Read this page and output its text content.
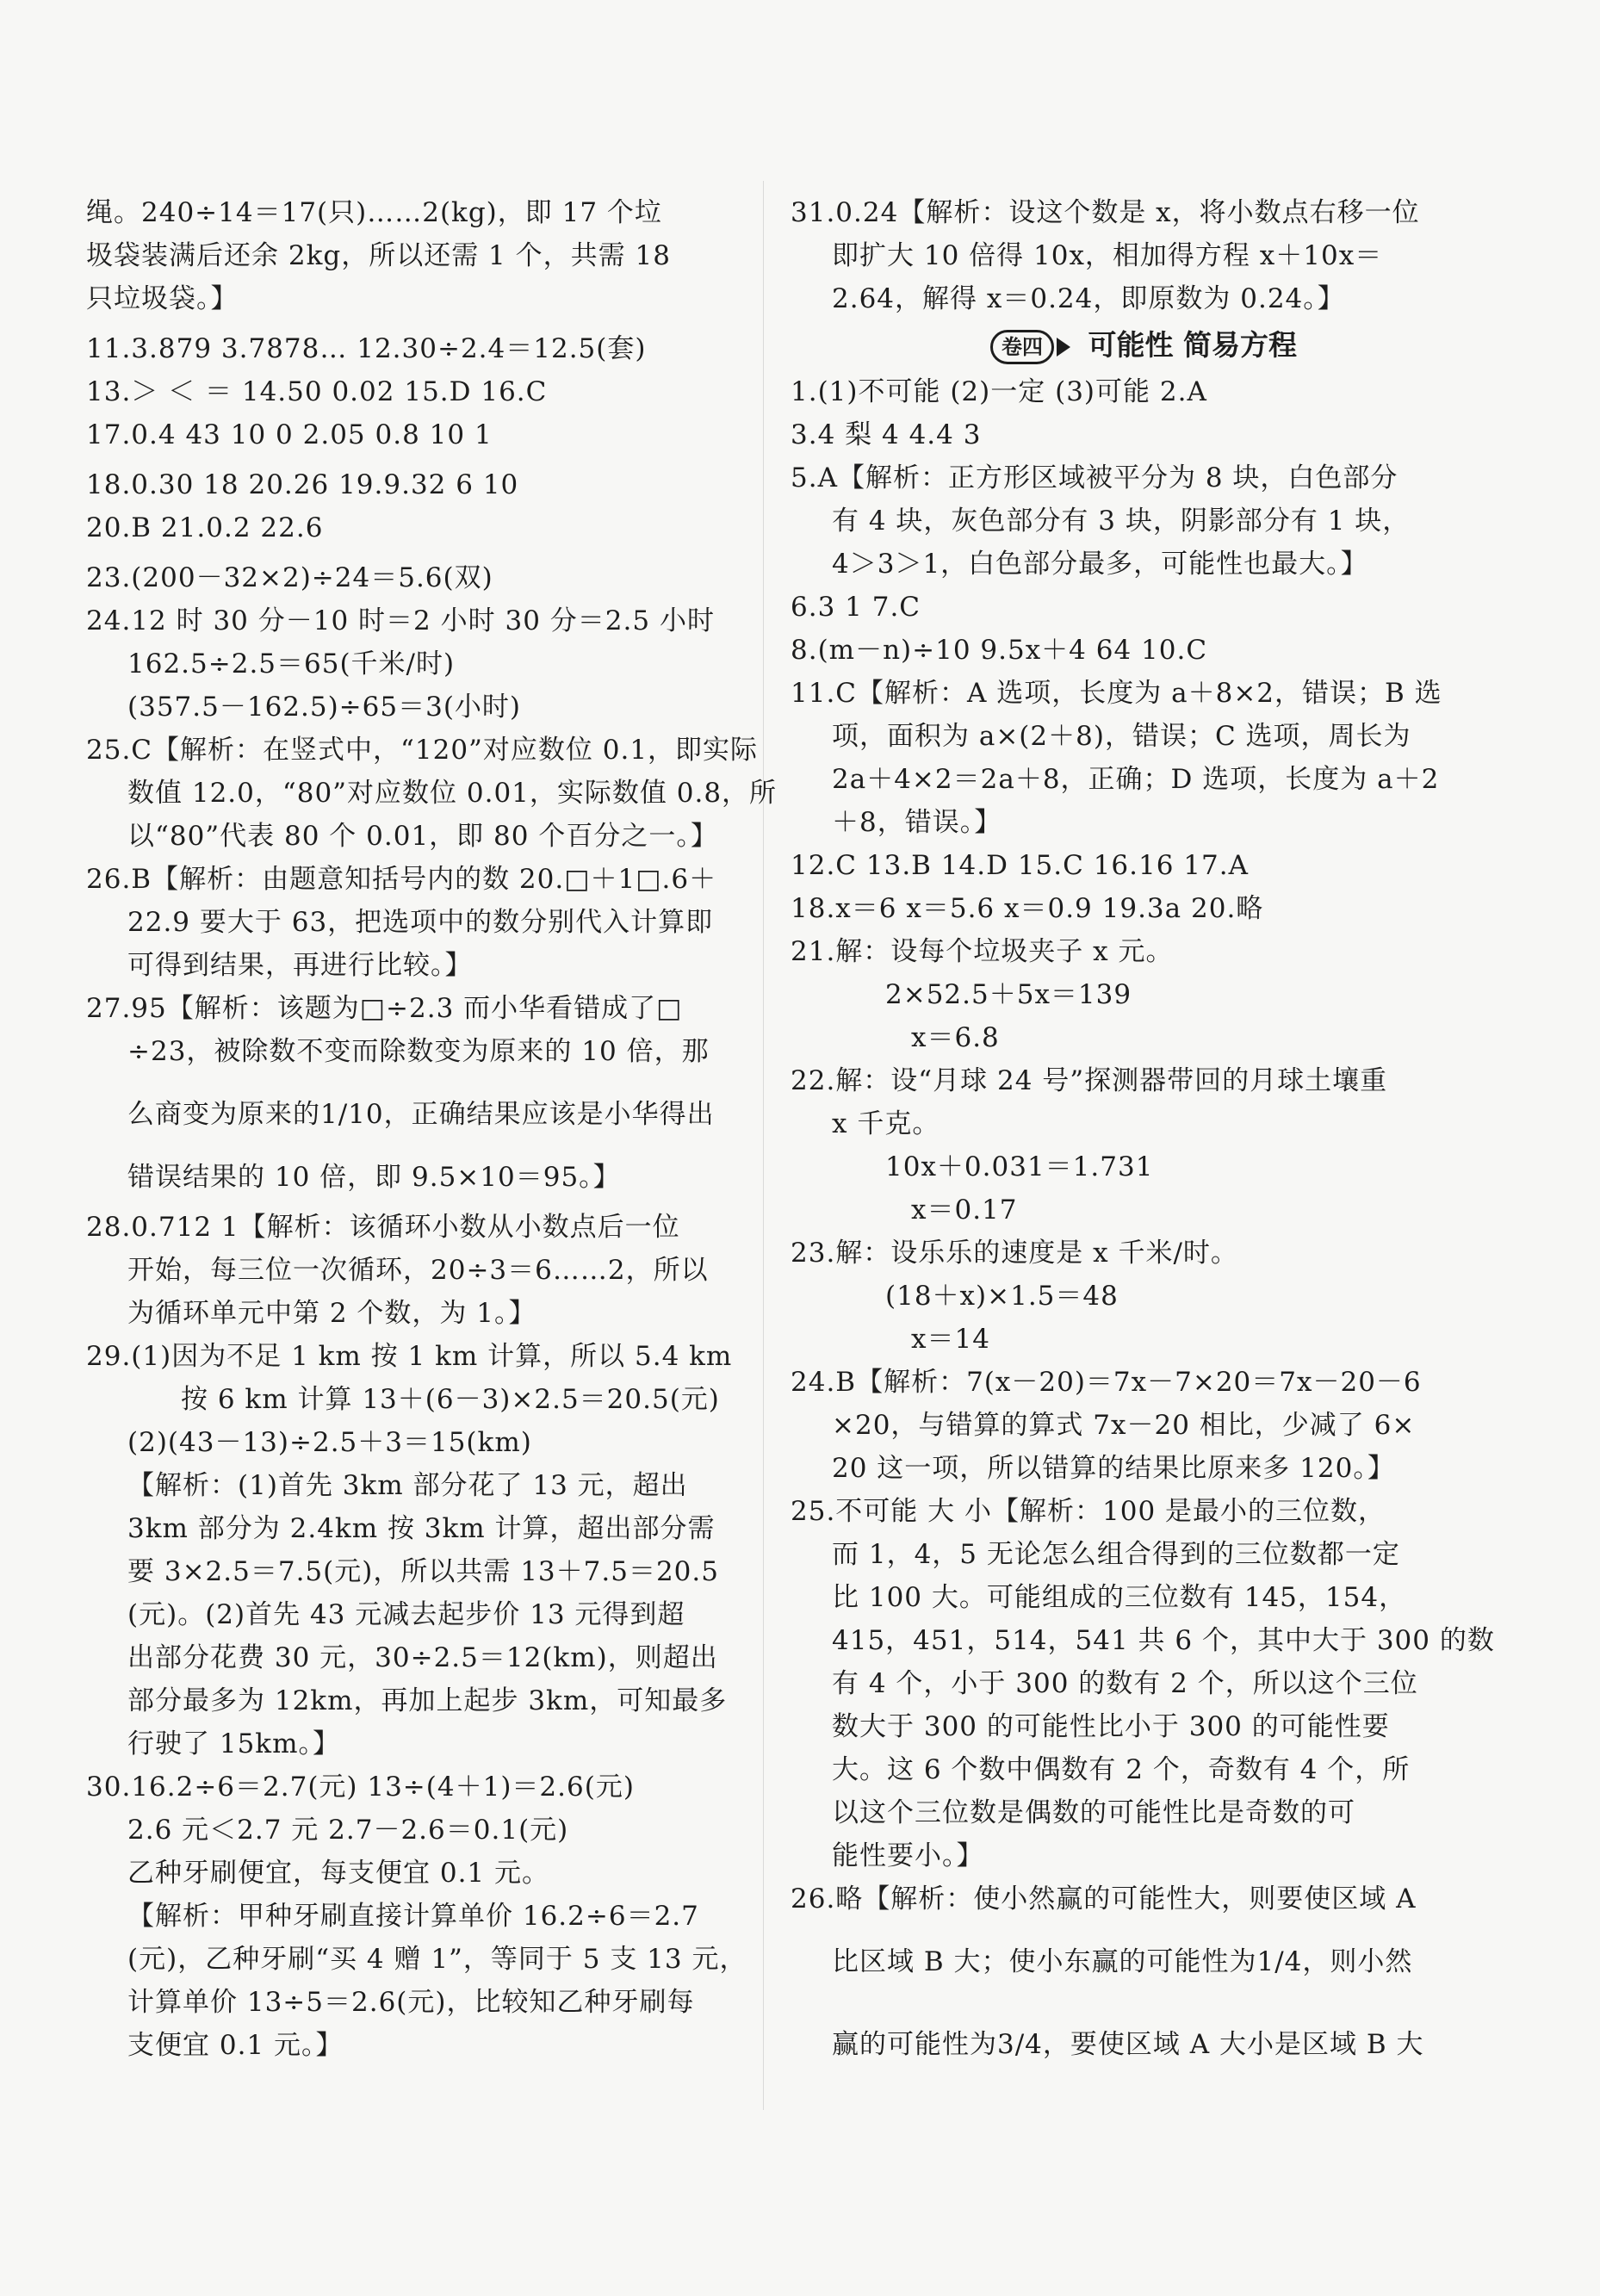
绳。240÷14＝17(只)……2(kg)，即 17 个垃
圾袋装满后还余 2kg，所以还需 1 个，共需 18
只垃圾袋。】
11.3.879 3.7878… 12.30÷2.4＝12.5(套)
13.＞ ＜ ＝ 14.50 0.02 15.D 16.C
17.0.4 43 10 0 2.05 0.8 10 1
18.0.30 18 20.26 19.9.32 6 10
20.B 21.0.2 22.6
23.(200－32×2)÷24＝5.6(双)
24.12 时 30 分－10 时＝2 小时 30 分＝2.5 小时
162.5÷2.5＝65(千米/时)
(357.5－162.5)÷65＝3(小时)
25.C【解析：在竖式中，“120”对应数位 0.1，即实际
数值 12.0，“80”对应数位 0.01，实际数值 0.8，所
以“80”代表 80 个 0.01，即 80 个百分之一。】
26.B【解析：由题意知括号内的数 20.□＋1□.6＋
22.9 要大于 63，把选项中的数分别代入计算即
可得到结果，再进行比较。】
27.95【解析：该题为□÷2.3 而小华看错成了□
÷23，被除数不变而除数变为原来的 10 倍，那
么商变为原来的1/10，正确结果应该是小华得出
错误结果的 10 倍，即 9.5×10＝95。】
28.0.712 1【解析：该循环小数从小数点后一位
开始，每三位一次循环，20÷3＝6……2，所以
为循环单元中第 2 个数，为 1。】
29.(1)因为不足 1 km 按 1 km 计算，所以 5.4 km
按 6 km 计算 13＋(6－3)×2.5＝20.5(元)
(2)(43－13)÷2.5＋3＝15(km)
【解析：(1)首先 3km 部分花了 13 元，超出
3km 部分为 2.4km 按 3km 计算，超出部分需
要 3×2.5＝7.5(元)，所以共需 13＋7.5＝20.5
(元)。(2)首先 43 元减去起步价 13 元得到超
出部分花费 30 元，30÷2.5＝12(km)，则超出
部分最多为 12km，再加上起步 3km，可知最多
行驶了 15km。】
30.16.2÷6＝2.7(元) 13÷(4＋1)＝2.6(元)
2.6 元＜2.7 元 2.7－2.6＝0.1(元)
乙种牙刷便宜，每支便宜 0.1 元。
【解析：甲种牙刷直接计算单价 16.2÷6＝2.7
(元)，乙种牙刷“买 4 赠 1”，等同于 5 支 13 元，
计算单价 13÷5＝2.6(元)，比较知乙种牙刷每
支便宜 0.1 元。】
31.0.24【解析：设这个数是 x，将小数点右移一位
即扩大 10 倍得 10x，相加得方程 x＋10x＝
2.64，解得 x＝0.24，即原数为 0.24。】
卷四 可能性 简易方程
1.(1)不可能 (2)一定 (3)可能 2.A
3.4 梨 4 4.4 3
5.A【解析：正方形区域被平分为 8 块，白色部分
有 4 块，灰色部分有 3 块，阴影部分有 1 块，
4＞3＞1，白色部分最多，可能性也最大。】
6.3 1 7.C
8.(m－n)÷10 9.5x＋4 64 10.C
11.C【解析：A 选项，长度为 a＋8×2，错误；B 选
项，面积为 a×(2＋8)，错误；C 选项，周长为
2a＋4×2＝2a＋8，正确；D 选项，长度为 a＋2
＋8，错误。】
12.C 13.B 14.D 15.C 16.16 17.A
18.x＝6 x＝5.6 x＝0.9 19.3a 20.略
21.解：设每个垃圾夹子 x 元。
2×52.5＋5x＝139
x＝6.8
22.解：设“月球 24 号”探测器带回的月球土壤重
x 千克。
10x＋0.031＝1.731
x＝0.17
23.解：设乐乐的速度是 x 千米/时。
(18＋x)×1.5＝48
x＝14
24.B【解析：7(x－20)＝7x－7×20＝7x－20－6
×20，与错算的算式 7x－20 相比，少减了 6×
20 这一项，所以错算的结果比原来多 120。】
25.不可能 大 小【解析：100 是最小的三位数，
而 1，4，5 无论怎么组合得到的三位数都一定
比 100 大。可能组成的三位数有 145，154，
415，451，514，541 共 6 个，其中大于 300 的数
有 4 个，小于 300 的数有 2 个，所以这个三位
数大于 300 的可能性比小于 300 的可能性要
大。这 6 个数中偶数有 2 个，奇数有 4 个，所
以这个三位数是偶数的可能性比是奇数的可
能性要小。】
26.略【解析：使小然赢的可能性大，则要使区域 A
比区域 B 大；使小东赢的可能性为1/4，则小然
赢的可能性为3/4，要使区域 A 大小是区域 B 大
